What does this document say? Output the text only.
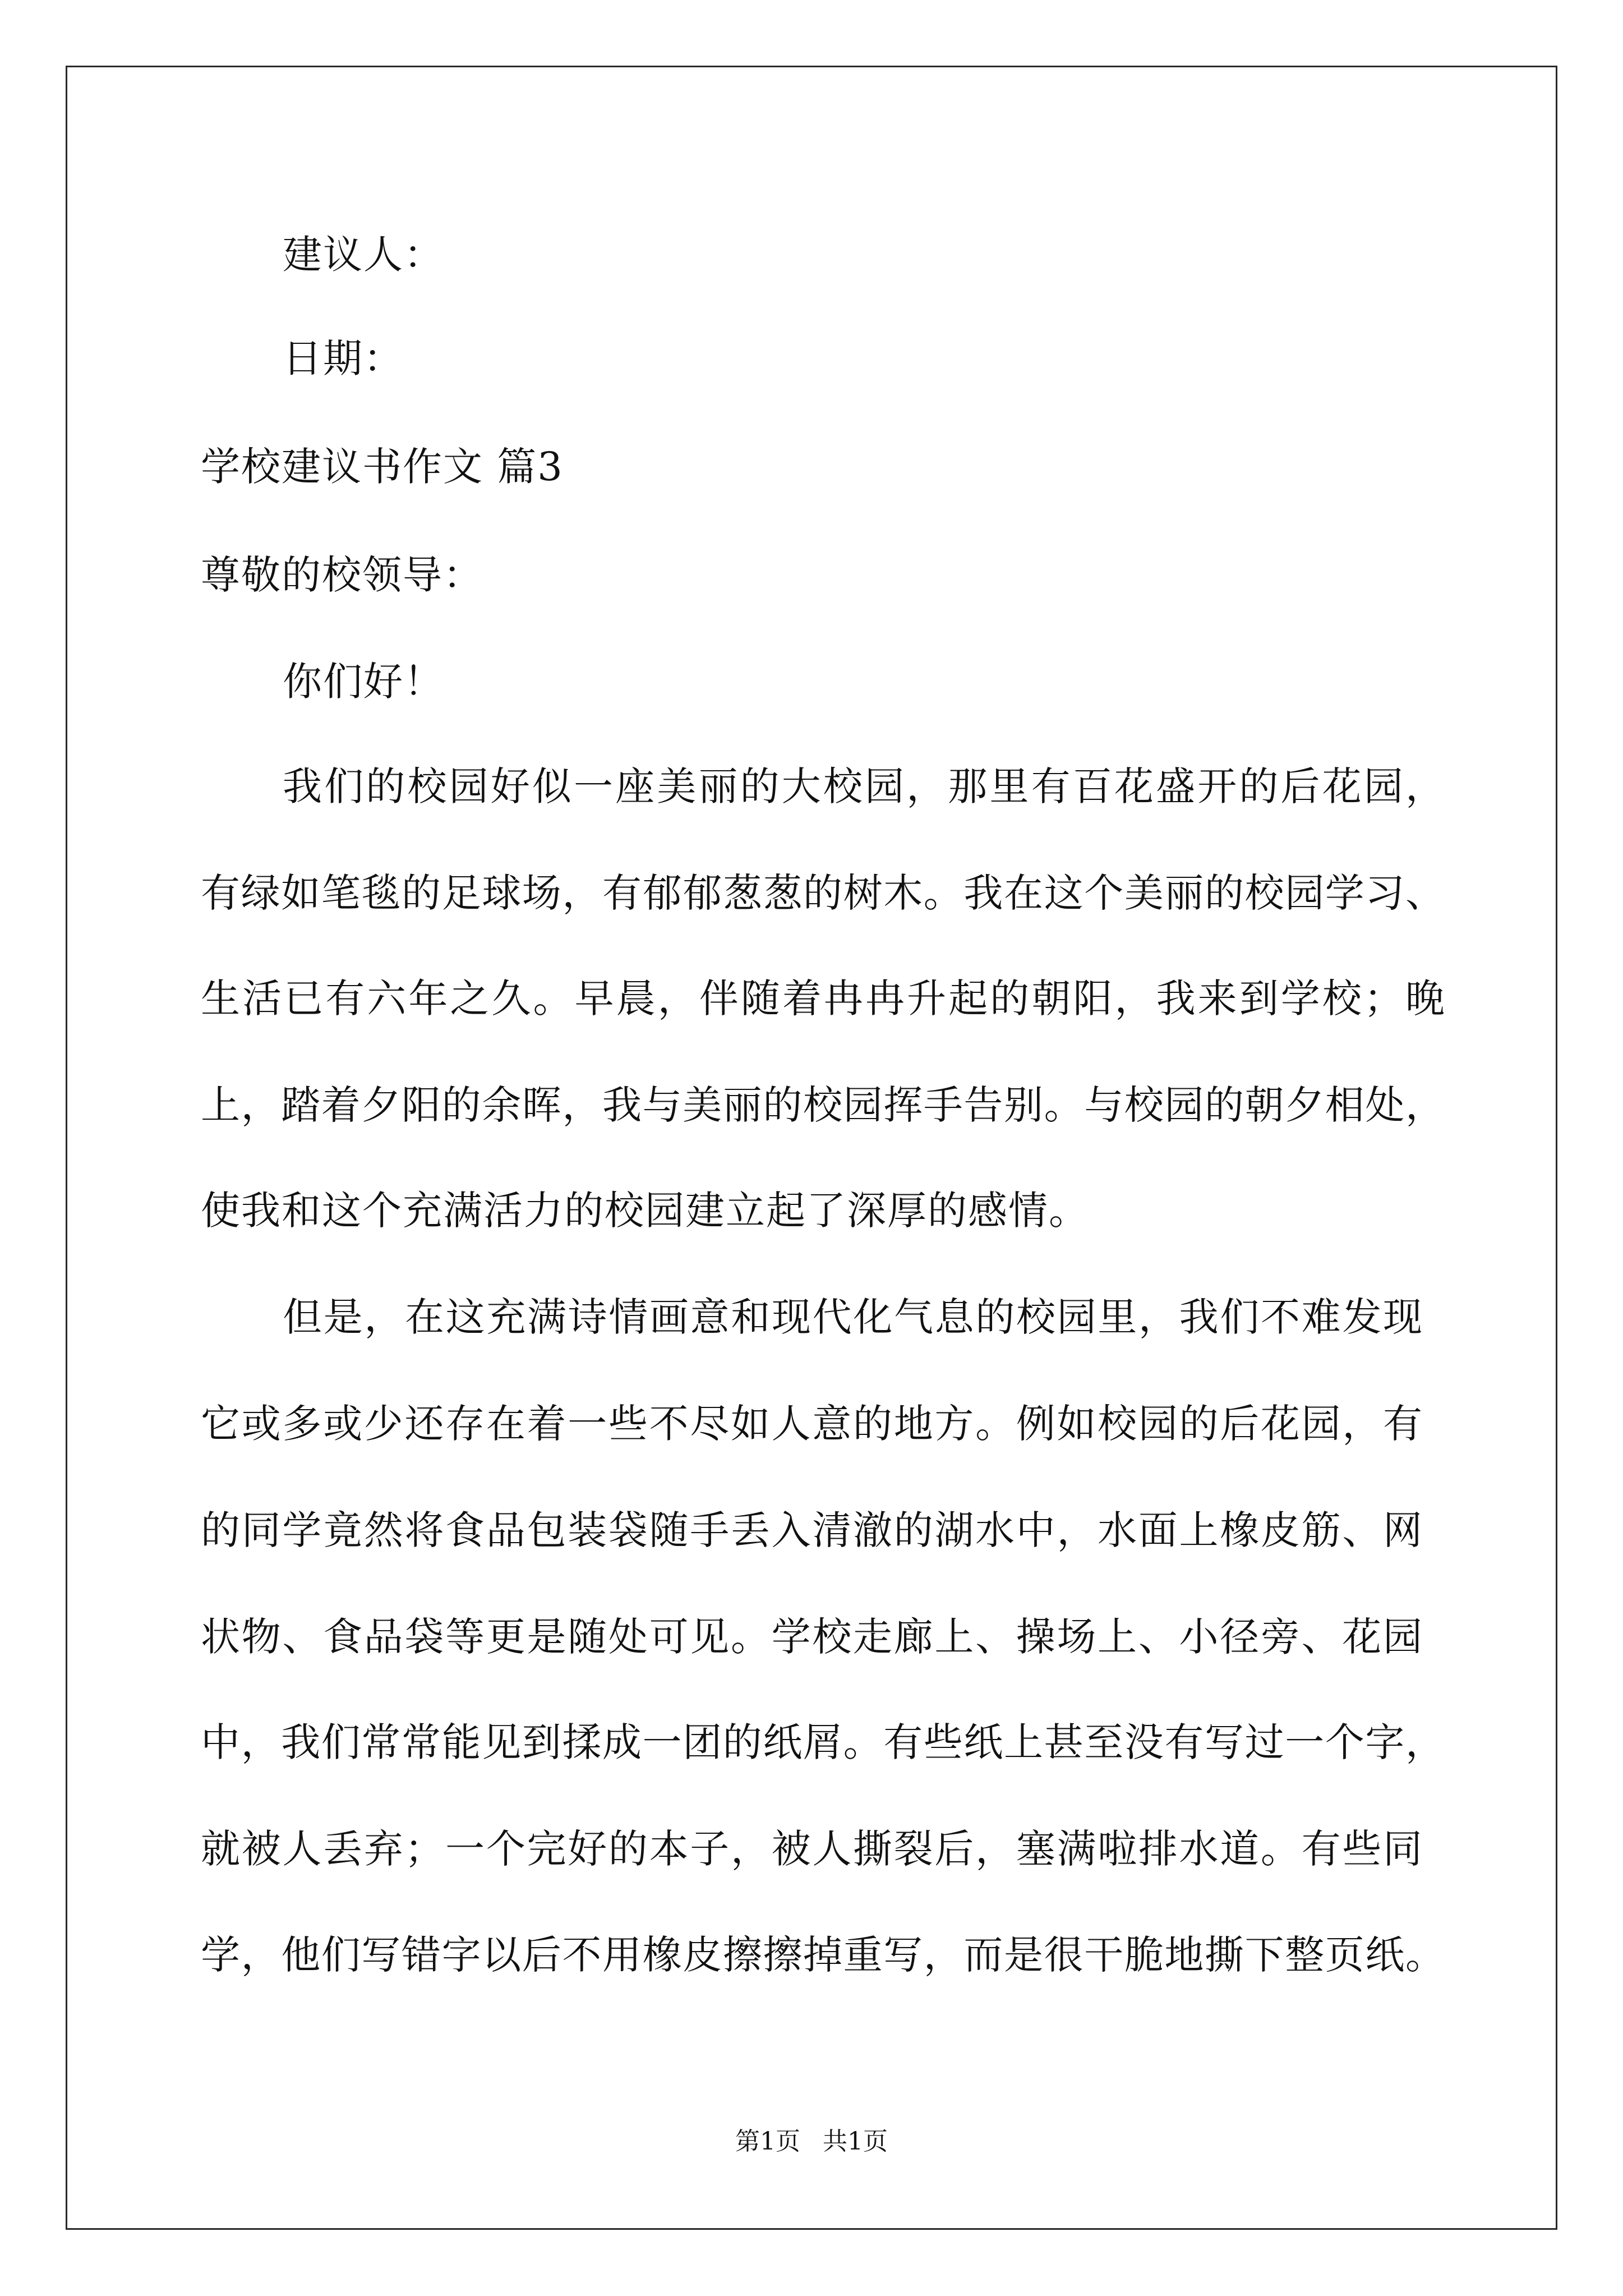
建议人：
日期：
学校建议书作文 篇3
尊敬的校领导：
你们好！
我们的校园好似一座美丽的大校园，那里有百花盛开的后花园，
有绿如笔毯的足球场，有郁郁葱葱的树木。我在这个美丽的校园学习、
生活已有六年之久。早晨，伴随着冉冉升起的朝阳，我来到学校；晚
上，踏着夕阳的余晖，我与美丽的校园挥手告别。与校园的朝夕相处，
使我和这个充满活力的校园建立起了深厚的感情。
但是，在这充满诗情画意和现代化气息的校园里，我们不难发现
它或多或少还存在着一些不尽如人意的地方。例如校园的后花园，有
的同学竟然将食品包装袋随手丢入清澈的湖水中，水面上橡皮筋、网
状物、食品袋等更是随处可见。学校走廊上、操场上、小径旁、花园
中，我们常常能见到揉成一团的纸屑。有些纸上甚至没有写过一个字，
就被人丢弃；一个完好的本子，被人撕裂后，塞满啦排水道。有些同
学，他们写错字以后不用橡皮擦擦掉重写，而是很干脆地撕下整页纸。
第1页 共1页
